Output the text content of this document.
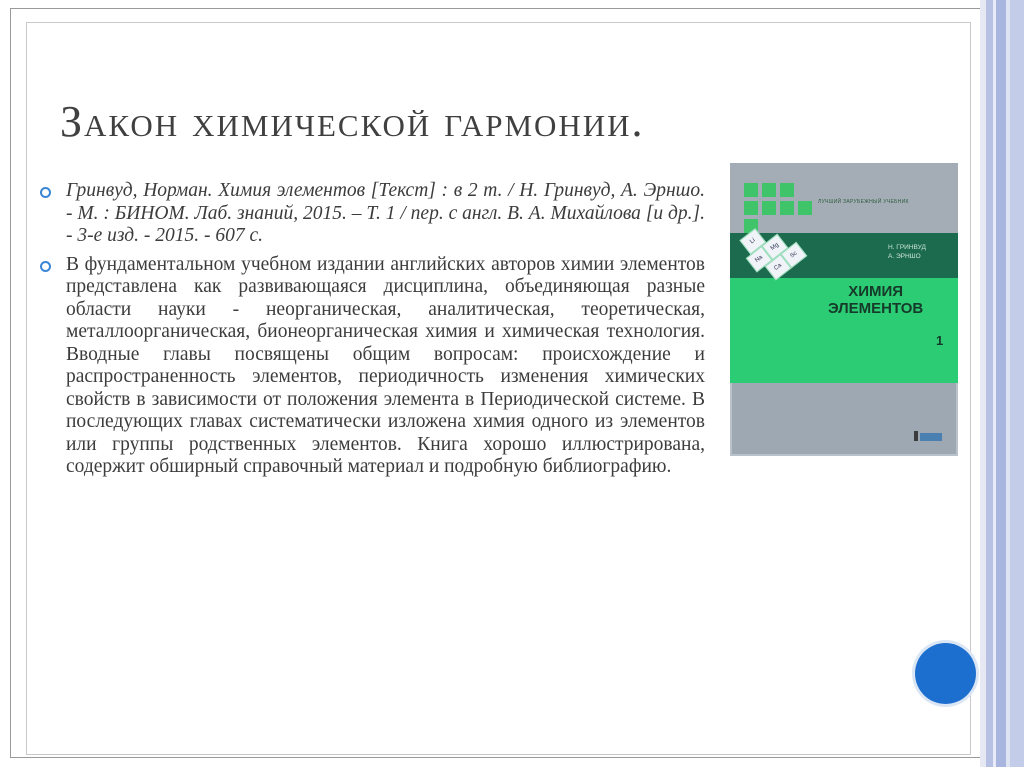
Закон химической гармонии.

Гринвуд, Норман. Химия элементов [Текст] : в 2 т. / Н. Гринвуд, А. Эрншо. - М. : БИНОМ. Лаб. знаний, 2015. – Т. 1 / пер. с англ. В. А. Михайлова [и др.]. - 3-е изд. - 2015. - 607 с.

В фундаментальном учебном издании английских авторов химии элементов представлена как развивающаяся дисциплина, объединяющая разные области науки - неорганическая, аналитическая, теоретическая, металлоорганическая, бионеорганическая химия и химическая технология. Вводные главы посвящены общим вопросам: происхождение и распространенность элементов, периодичность изменения химических свойств в зависимости от положения элемента в Периодической системе. В последующих главах систематически изложена химия одного из элементов или группы родственных элементов. Книга хорошо иллюстрирована, содержит обширный справочный материал и подробную библиографию.

ЛУЧШИЙ ЗАРУБЕЖНЫЙ УЧЕБНИК
Li
Na
Mg
Ca
Sc
Н. ГРИНВУД
А. ЭРНШО
ХИМИЯ
ЭЛЕМЕНТОВ
1
